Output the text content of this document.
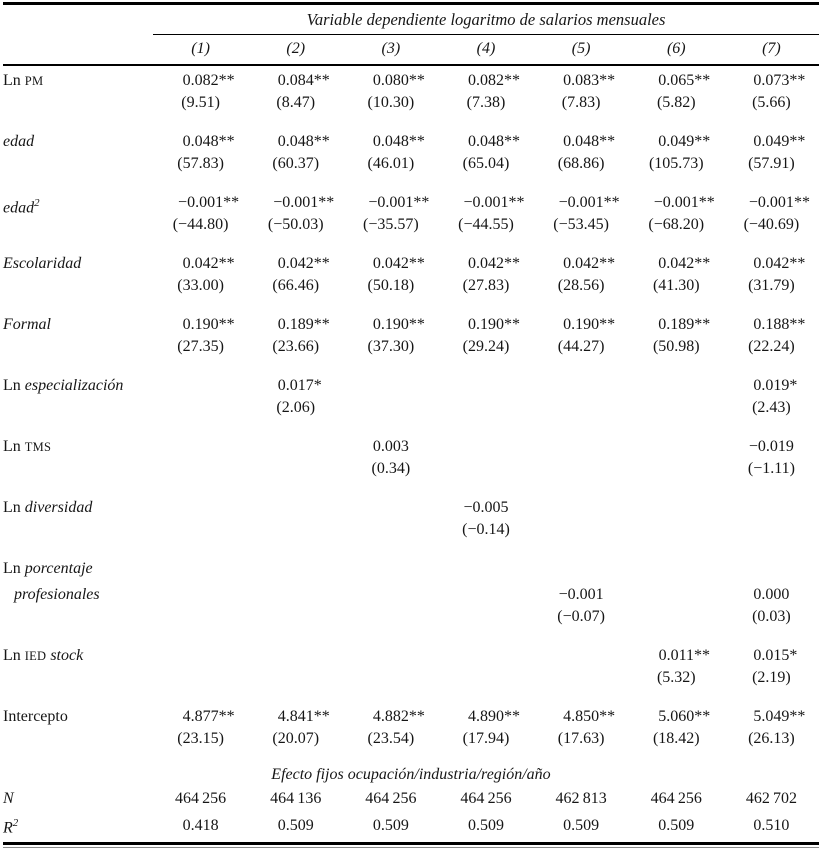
	Variable dependiente logaritmo de salarios mensuales						
	(1)	(2)	(3)	(4)	(5)	(6)	(7)
Ln PM	0.082**	0.084**	0.080**	0.082**	0.083**	0.065**	0.073**
	(9.51)	(8.47)	(10.30)	(7.38)	(7.83)	(5.82)	(5.66)
edad	0.048**	0.048**	0.048**	0.048**	0.048**	0.049**	0.049**
	(57.83)	(60.37)	(46.01)	(65.04)	(68.86)	(105.73)	(57.91)
edad$^2$	−0.001**	−0.001**	−0.001**	−0.001**	−0.001**	−0.001**	−0.001**
	(−44.80)	(−50.03)	(−35.57)	(−44.55)	(−53.45)	(−68.20)	(−40.69)
Escolaridad	0.042**	0.042**	0.042**	0.042**	0.042**	0.042**	0.042**
	(33.00)	(66.46)	(50.18)	(27.83)	(28.56)	(41.30)	(31.79)
Formal	0.190**	0.189**	0.190**	0.190**	0.190**	0.189**	0.188**
	(27.35)	(23.66)	(37.30)	(29.24)	(44.27)	(50.98)	(22.24)
Ln especialización		0.017*					0.019*
		(2.06)					(2.43)
Ln TMS			0.003				−0.019
			(0.34)				(−1.11)
Ln diversidad				−0.005			
				(−0.14)			
Ln porcentaje							
profesionales					−0.001		0.000
					(−0.07)		(0.03)
Ln IED stock						0.011**	0.015*
						(5.32)	(2.19)
Intercepto	4.877**	4.841**	4.882**	4.890**	4.850**	5.060**	5.049**
	(23.15)	(20.07)	(23.54)	(17.94)	(17.63)	(18.42)	(26.13)
Efecto fijos ocupación/industria/región/año							
N	464 256	464 136	464 256	464 256	462 813	464 256	462 702
$R^2$	0.418	0.509	0.509	0.509	0.509	0.509	0.510
